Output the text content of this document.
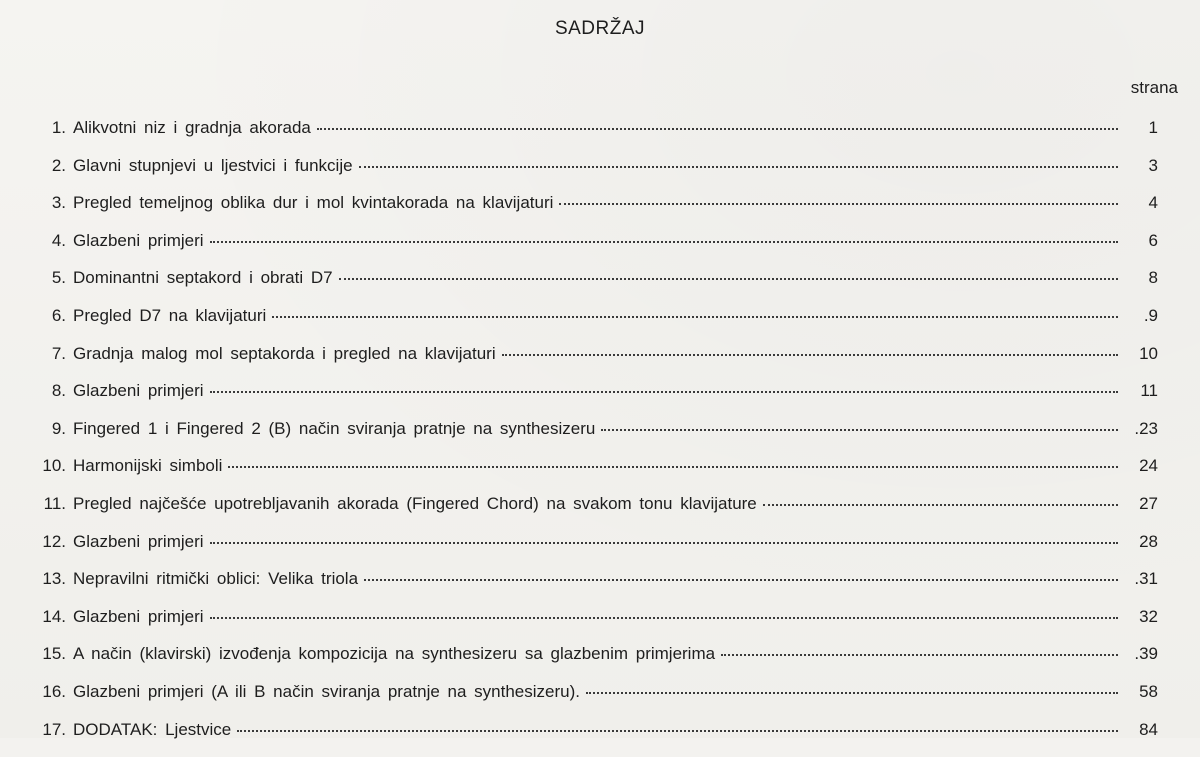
SADRŽAJ
strana
1. Alikvotni niz i gradnja akorada	1
2. Glavni stupnjevi u ljestvici i funkcije	3
3. Pregled temeljnog oblika dur i mol kvintakorada na klavijaturi	4
4. Glazbeni primjeri	6
5. Dominantni septakord i obrati D7	8
6. Pregled D7 na klavijaturi	.9
7. Gradnja malog mol septakorda i pregled na klavijaturi	10
8. Glazbeni primjeri	11
9. Fingered 1 i Fingered 2 (B) način sviranja pratnje na synthesizeru	.23
10. Harmonijski simboli	24
11. Pregled najčešće upotrebljavanih akorada (Fingered Chord) na svakom tonu klavijature	27
12. Glazbeni primjeri	28
13. Nepravilni ritmički oblici: Velika triola	.31
14. Glazbeni primjeri	32
15. A način (klavirski) izvođenja kompozicija na synthesizeru sa glazbenim primjerima	.39
16. Glazbeni primjeri (A ili B način sviranja pratnje na synthesizeru).	58
17. DODATAK: Ljestvice	84
